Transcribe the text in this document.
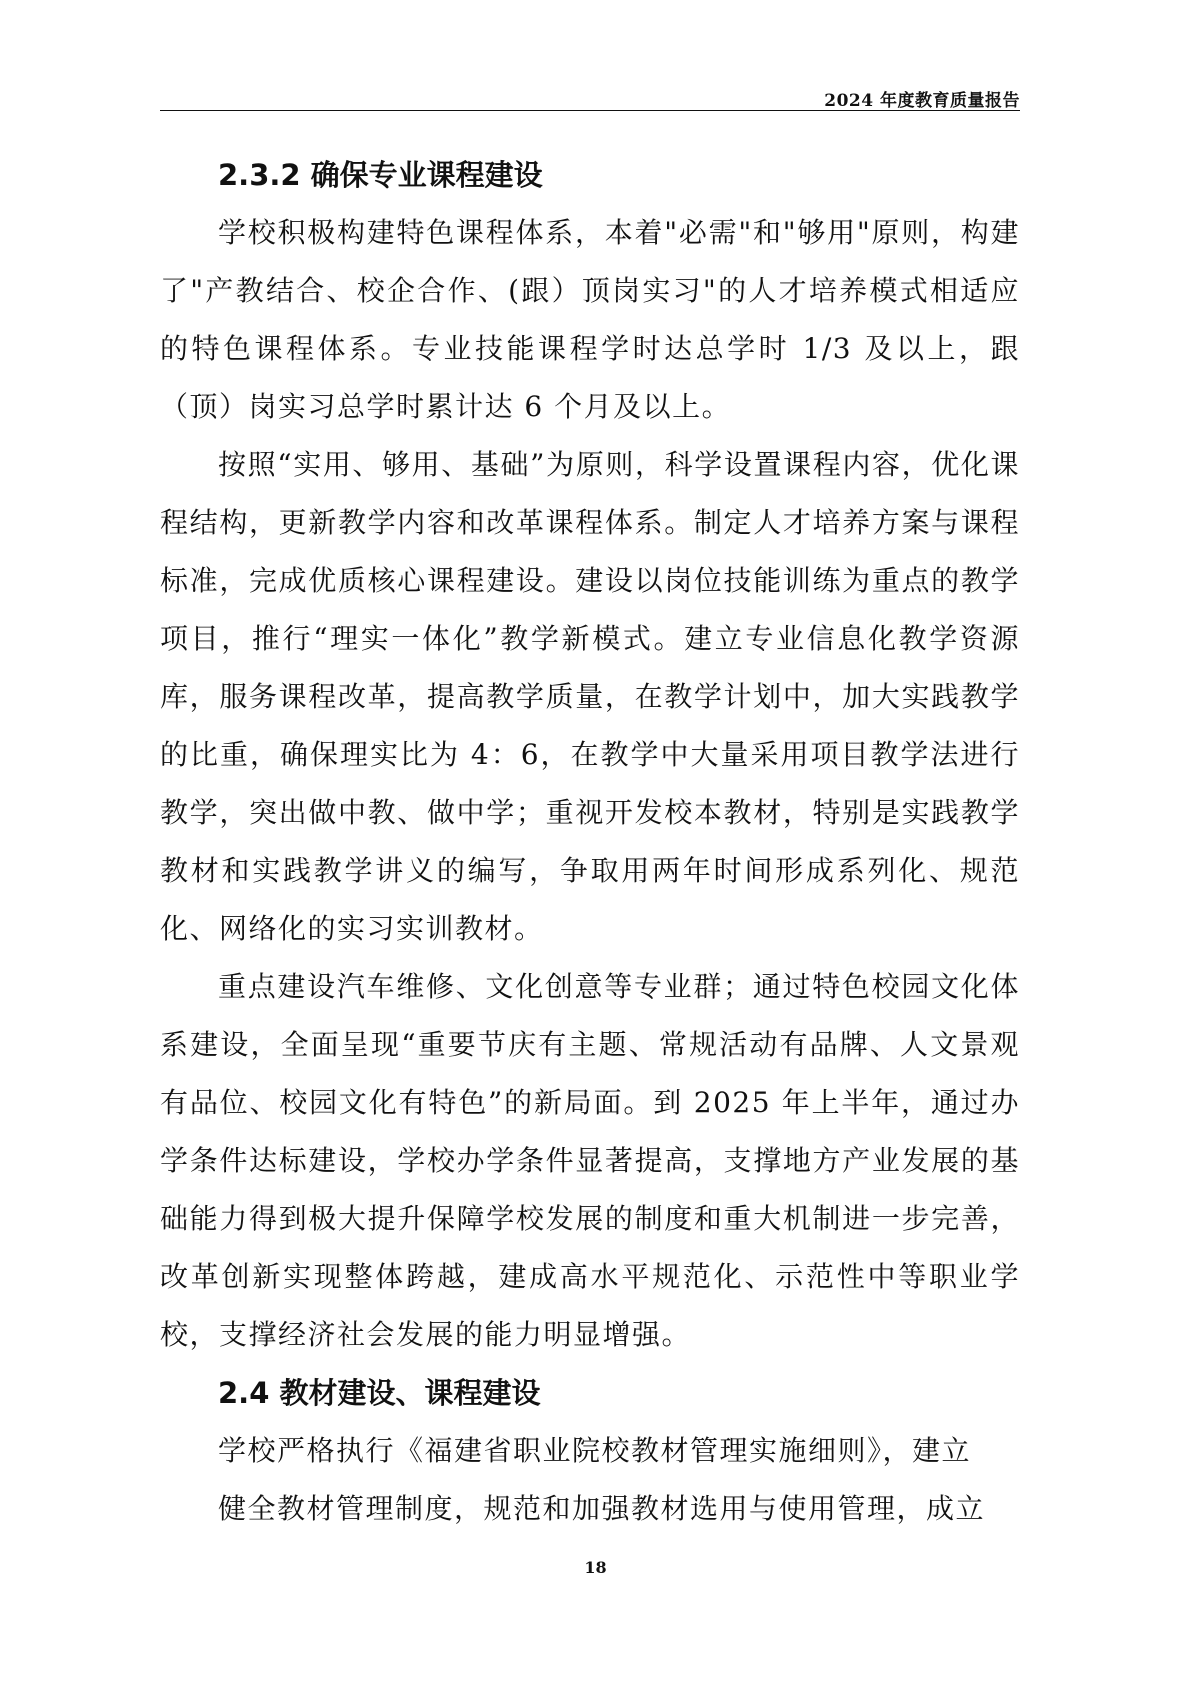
2024 年度教育质量报告
2.3.2 确保专业课程建设

学校积极构建特色课程体系，本着"必需"和"够用"原则，构建了"产教结合、校企合作、(跟）顶岗实习"的人才培养模式相适应的特色课程体系。专业技能课程学时达总学时 1/3 及以上，跟（顶）岗实习总学时累计达 6 个月及以上。

按照“实用、够用、基础”为原则，科学设置课程内容，优化课程结构，更新教学内容和改革课程体系。制定人才培养方案与课程标准，完成优质核心课程建设。建设以岗位技能训练为重点的教学项目，推行“理实一体化”教学新模式。建立专业信息化教学资源库，服务课程改革，提高教学质量，在教学计划中，加大实践教学的比重，确保理实比为 4：6，在教学中大量采用项目教学法进行教学，突出做中教、做中学；重视开发校本教材，特别是实践教学教材和实践教学讲义的编写，争取用两年时间形成系列化、规范化、网络化的实习实训教材。

重点建设汽车维修、文化创意等专业群；通过特色校园文化体系建设，全面呈现“重要节庆有主题、常规活动有品牌、人文景观有品位、校园文化有特色”的新局面。到 2025 年上半年，通过办学条件达标建设，学校办学条件显著提高，支撑地方产业发展的基础能力得到极大提升保障学校发展的制度和重大机制进一步完善，改革创新实现整体跨越，建成高水平规范化、示范性中等职业学校，支撑经济社会发展的能力明显增强。

2.4 教材建设、课程建设

学校严格执行《福建省职业院校教材管理实施细则》，建立

健全教材管理制度，规范和加强教材选用与使用管理，成立

18
